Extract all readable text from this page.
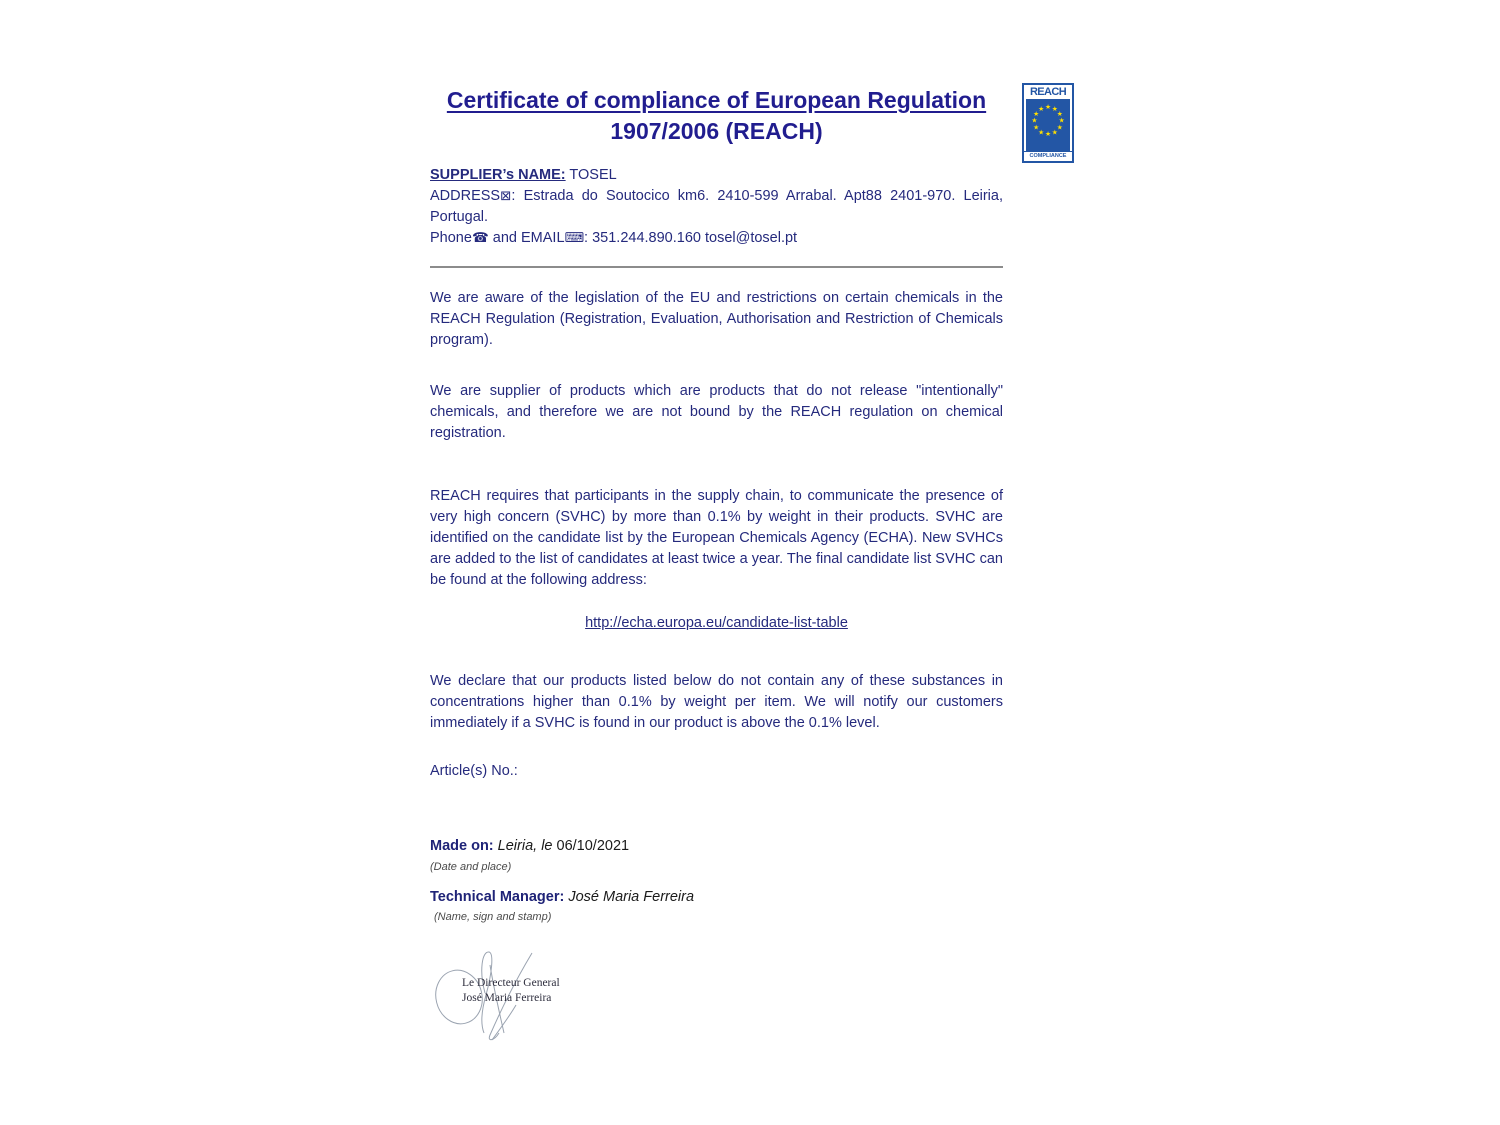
Certificate of compliance of European Regulation
1907/2006 (REACH)
REACH
★ ★
★
★
★
★
★
★
★
★
★
★
COMPLIANCE
SUPPLIER’s NAME: TOSEL
ADDRESS⊠: Estrada do Soutocico km6. 2410-599 Arrabal. Apt88 2401-970. Leiria, Portugal.
Phone☎ and EMAIL⌨: 351.244.890.160 tosel@tosel.pt
We are aware of the legislation of the EU and restrictions on certain chemicals in the REACH Regulation (Registration, Evaluation, Authorisation and Restriction of Chemicals program).
We are supplier of products which are products that do not release "intentionally" chemicals, and therefore we are not bound by the REACH regulation on chemical registration.
REACH requires that participants in the supply chain, to communicate the presence of very high concern (SVHC) by more than 0.1% by weight in their products. SVHC are identified on the candidate list by the European Chemicals Agency (ECHA). New SVHCs are added to the list of candidates at least twice a year. The final candidate list SVHC can be found at the following address:
http://echa.europa.eu/candidate-list-table
We declare that our products listed below do not contain any of these substances in concentrations higher than 0.1% by weight per item. We will notify our customers immediately if a SVHC is found in our product is above the 0.1% level.
Article(s) No.:
Made on: Leiria, le 06/10/2021
(Date and place)
Technical Manager: José Maria Ferreira
(Name, sign and stamp)
Le Directeur General
José Maria Ferreira
